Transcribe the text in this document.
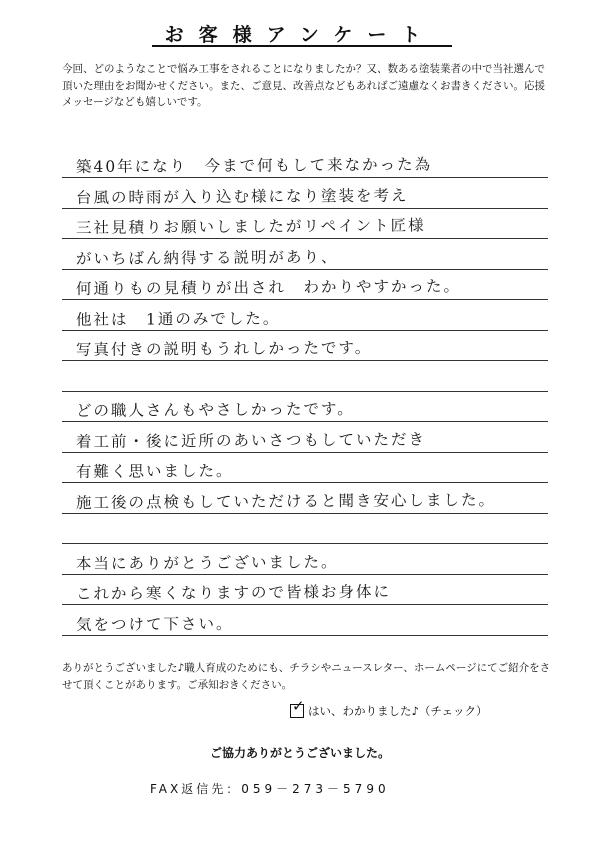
お客様アンケート
今回、どのようなことで悩み工事をされることになりましたか？又、数ある塗装業者の中で当社選んで頂いた理由をお聞かせください。また、ご意見、改善点などもあればご遠慮なくお書きください。応援メッセージなども嬉しいです。
築40年になり　今まで何もして来なかった為
台風の時雨が入り込む様になり塗装を考え
三社見積りお願いしましたがリペイント匠様
がいちばん納得する説明があり、
何通りもの見積りが出され　わかりやすかった。
他社は　1通のみでした。
写真付きの説明もうれしかったです。
どの職人さんもやさしかったです。
着工前・後に近所のあいさつもしていただき
有難く思いました。
施工後の点検もしていただけると聞き安心しました。
本当にありがとうございました。
これから寒くなりますので皆様お身体に
気をつけて下さい。
ありがとうございました♪職人育成のためにも、チラシやニュースレター、ホームページにてご紹介をさせて頂くことがあります。ご承知おきください。
✓ はい、わかりました♪（チェック）
ご協力ありがとうございました。
FAX返信先：059－273－5790
